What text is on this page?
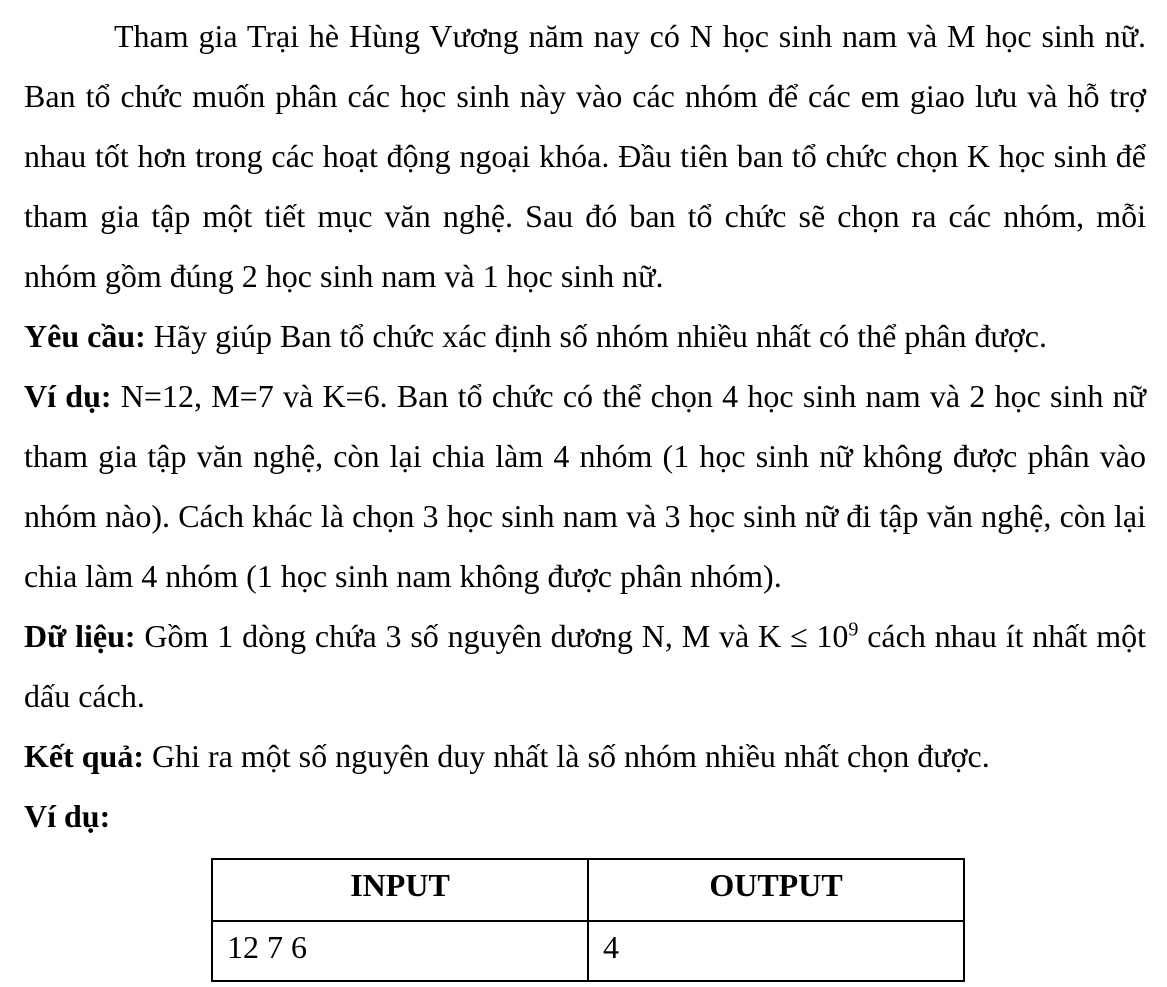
Tham gia Trại hè Hùng Vương năm nay có N học sinh nam và M học sinh nữ. Ban tổ chức muốn phân các học sinh này vào các nhóm để các em giao lưu và hỗ trợ nhau tốt hơn trong các hoạt động ngoại khóa. Đầu tiên ban tổ chức chọn K học sinh để tham gia tập một tiết mục văn nghệ. Sau đó ban tổ chức sẽ chọn ra các nhóm, mỗi nhóm gồm đúng 2 học sinh nam và 1 học sinh nữ.

Yêu cầu: Hãy giúp Ban tổ chức xác định số nhóm nhiều nhất có thể phân được.

Ví dụ: N=12, M=7 và K=6. Ban tổ chức có thể chọn 4 học sinh nam và 2 học sinh nữ tham gia tập văn nghệ, còn lại chia làm 4 nhóm (1 học sinh nữ không được phân vào nhóm nào). Cách khác là chọn 3 học sinh nam và 3 học sinh nữ đi tập văn nghệ, còn lại chia làm 4 nhóm (1 học sinh nam không được phân nhóm).

Dữ liệu: Gồm 1 dòng chứa 3 số nguyên dương N, M và $K \le 10^9$ cách nhau ít nhất một dấu cách.

Kết quả: Ghi ra một số nguyên duy nhất là số nhóm nhiều nhất chọn được.

Ví dụ:

INPUT	OUTPUT
12 7 6	4
